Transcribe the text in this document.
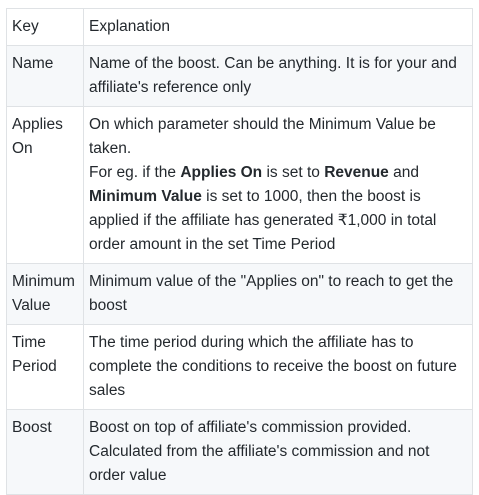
Key	Explanation
Name	Name of the boost. Can be anything. It is for your and affiliate's reference only
Applies On	On which parameter should the Minimum Value be taken.
For eg. if the Applies On is set to Revenue and Minimum Value is set to 1000, then the boost is applied if the affiliate has generated ₹1,000 in total order amount in the set Time Period

Minimum Value	Minimum value of the "Applies on" to reach to get the boost
Time Period	The time period during which the affiliate has to complete the conditions to receive the boost on future sales
Boost	Boost on top of affiliate's commission provided. Calculated from the affiliate's commission and not order value
